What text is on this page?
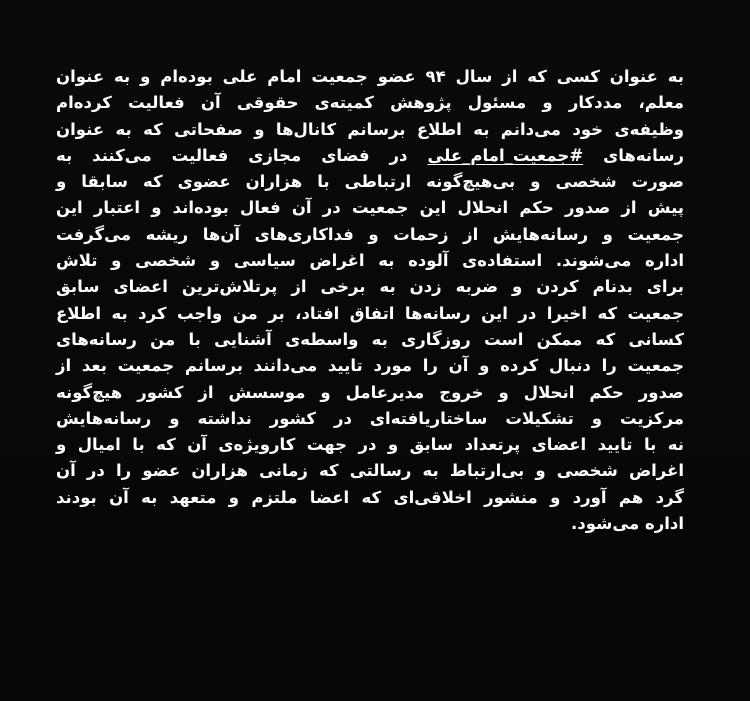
به عنوان کسی که از سال ۹۴ عضو جمعیت امام علی بوده‌ام و به عنوان
معلم، مددکار و مسئول پژوهش کمیته‌ی حقوقی آن فعالیت کرده‌ام
وظیفه‌ی خود می‌دانم به اطلاع برسانم کانال‌ها و صفحاتی که به عنوان
رسانه‌های #جمعیت_امام_علی در فضای مجازی فعالیت می‌کنند به
صورت شخصی و بی‌هیچ‌گونه ارتباطی با هزاران عضوی که سابقا و
پیش از صدور حکم انحلال این جمعیت در آن فعال بوده‌اند و اعتبار این
جمعیت و رسانه‌هایش از زحمات و فداکاری‌های آن‌ها ریشه می‌گرفت
اداره می‌شوند. استفاده‌ی آلوده به اغراض سیاسی و شخصی و تلاش
برای بدنام کردن و ضربه زدن به برخی از پرتلاش‌ترین اعضای سابق
جمعیت که اخیرا در این رسانه‌ها اتفاق افتاد، بر من واجب کرد به اطلاع
کسانی که ممکن است روزگاری به واسطه‌ی آشنایی با من رسانه‌های
جمعیت را دنبال کرده و آن را مورد تایید می‌دانند برسانم جمعیت بعد از
صدور حکم انحلال و خروج مدیرعامل و موسسش از کشور هیچ‌گونه
مرکزیت و تشکیلات ساختاریافته‌ای در کشور نداشته و رسانه‌هایش
نه با تایید اعضای پرتعداد سابق و در جهت کارویژه‌ی آن که با امیال و
اغراض شخصی و بی‌ارتباط به رسالتی که زمانی هزاران عضو را در آن
گرد هم آورد و منشور اخلاقی‌ای که اعضا ملتزم و متعهد به آن بودند
اداره می‌شود.
